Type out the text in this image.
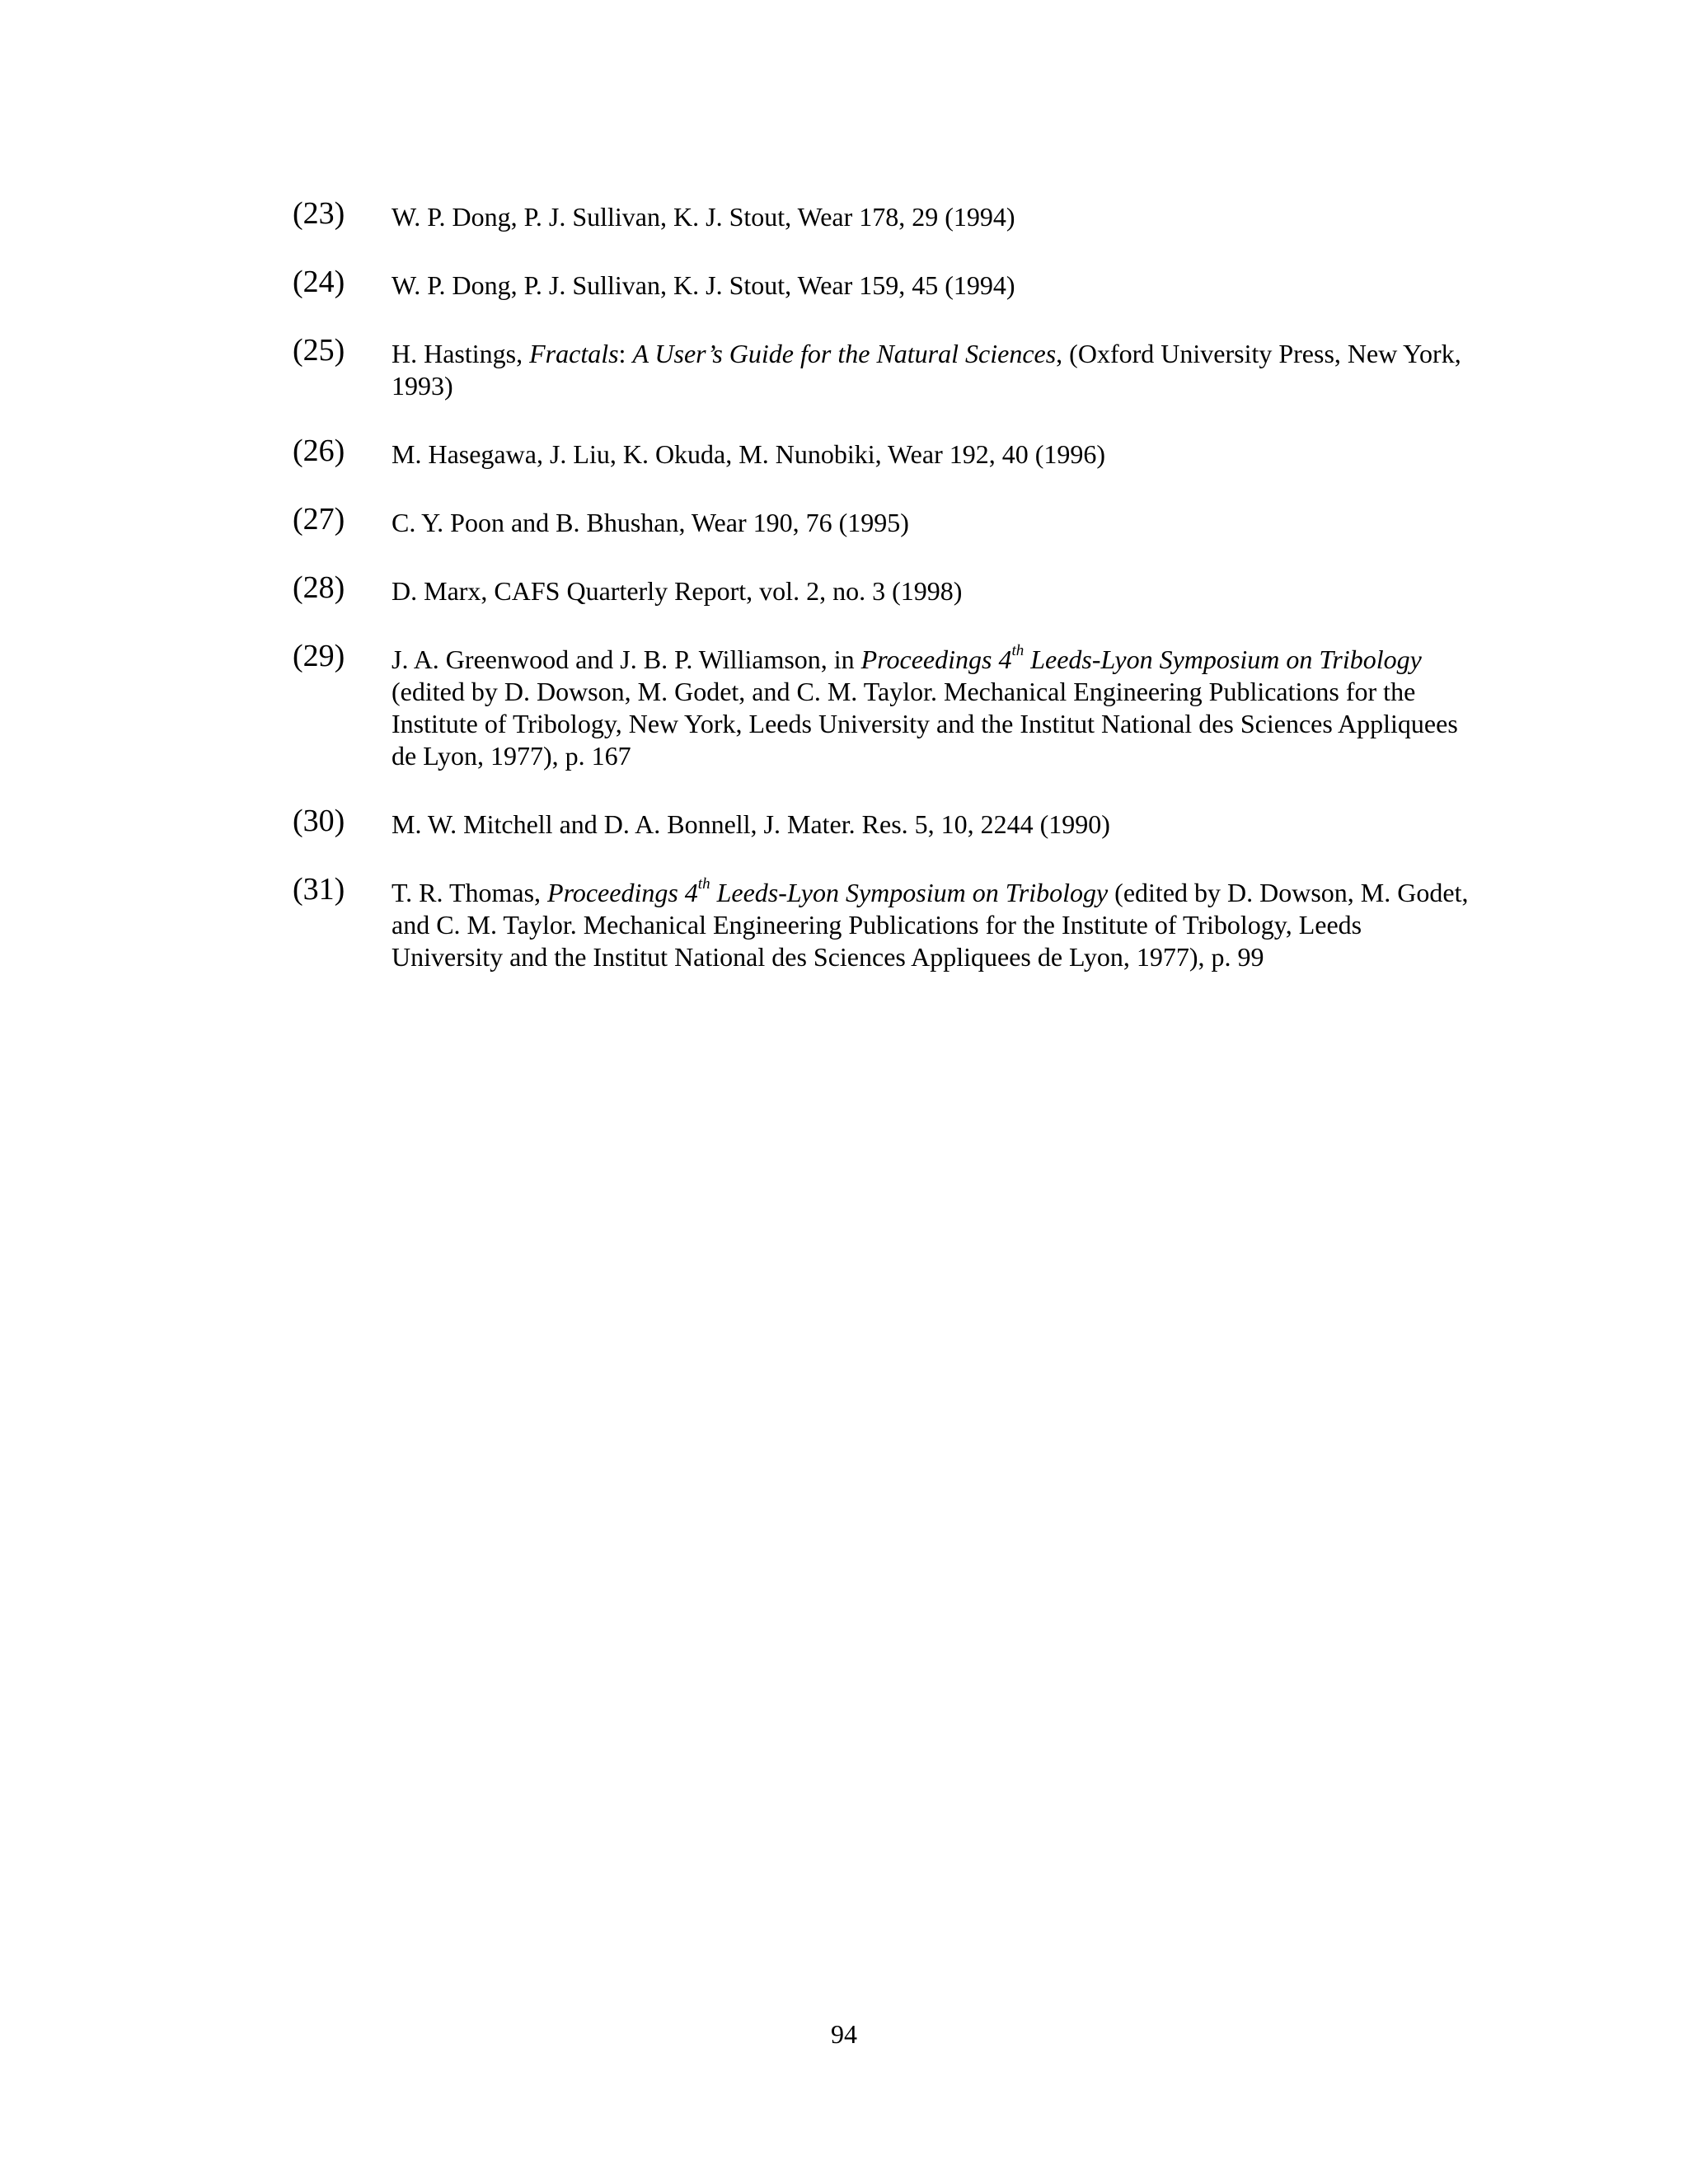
(23)	W. P. Dong, P. J. Sullivan, K. J. Stout, Wear 178, 29 (1994)
(24)	W. P. Dong, P. J. Sullivan, K. J. Stout, Wear 159, 45 (1994)
(25)	H. Hastings, Fractals: A User’s Guide for the Natural Sciences, (Oxford University Press, New York, 1993)
(26)	M. Hasegawa, J. Liu, K. Okuda, M. Nunobiki, Wear 192, 40 (1996)
(27)	C. Y. Poon and B. Bhushan, Wear 190, 76 (1995)
(28)	D. Marx, CAFS Quarterly Report, vol. 2, no. 3 (1998)
(29)	J. A. Greenwood and J. B. P. Williamson, in Proceedings 4th Leeds-Lyon Symposium on Tribology (edited by D. Dowson, M. Godet, and C. M. Taylor. Mechanical Engineering Publications for the Institute of Tribology, New York, Leeds University and the Institut National des Sciences Appliquees de Lyon, 1977), p. 167
(30)	M. W. Mitchell and D. A. Bonnell, J. Mater. Res. 5, 10, 2244 (1990)
(31)	T. R. Thomas, Proceedings 4th Leeds-Lyon Symposium on Tribology (edited by D. Dowson, M. Godet, and C. M. Taylor. Mechanical Engineering Publications for the Institute of Tribology, Leeds University and the Institut National des Sciences Appliquees de Lyon, 1977), p. 99
94
